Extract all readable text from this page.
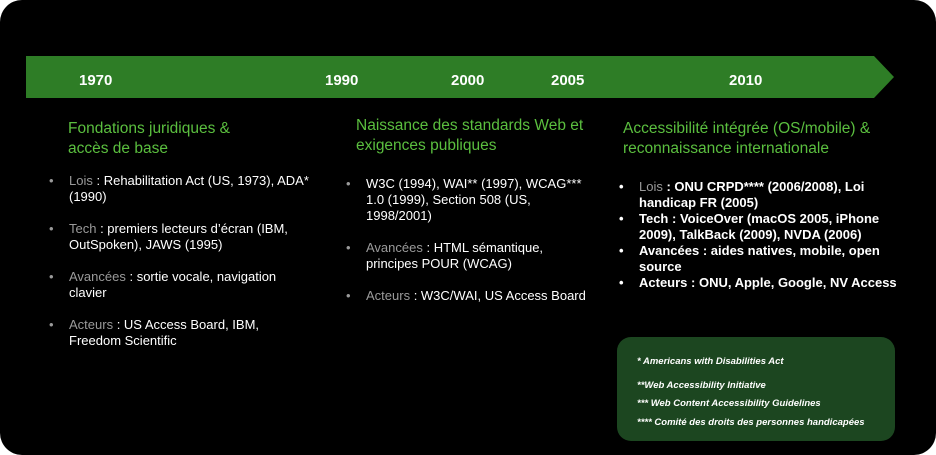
1970	1990	2000	2005	2010
Fondations juridiques & accès de base
• Lois : Rehabilitation Act (US, 1973), ADA* (1990)
• Tech : premiers lecteurs d’écran (IBM, OutSpoken), JAWS (1995)
• Avancées : sortie vocale, navigation clavier
• Acteurs : US Access Board, IBM, Freedom Scientific
Naissance des standards Web et exigences publiques
• W3C (1994), WAI** (1997), WCAG*** 1.0 (1999), Section 508 (US, 1998/2001)
• Avancées : HTML sémantique, principes POUR (WCAG)
• Acteurs : W3C/WAI, US Access Board
Accessibilité intégrée (OS/mobile) & reconnaissance internationale
• Lois : ONU CRPD**** (2006/2008), Loi handicap FR (2005)
• Tech : VoiceOver (macOS 2005, iPhone 2009), TalkBack (2009), NVDA (2006)
• Avancées : aides natives, mobile, open source
• Acteurs : ONU, Apple, Google, NV Access
* Americans with Disabilities Act
**Web Accessibility Initiative
*** Web Content Accessibility Guidelines
**** Comité des droits des personnes handicapées
